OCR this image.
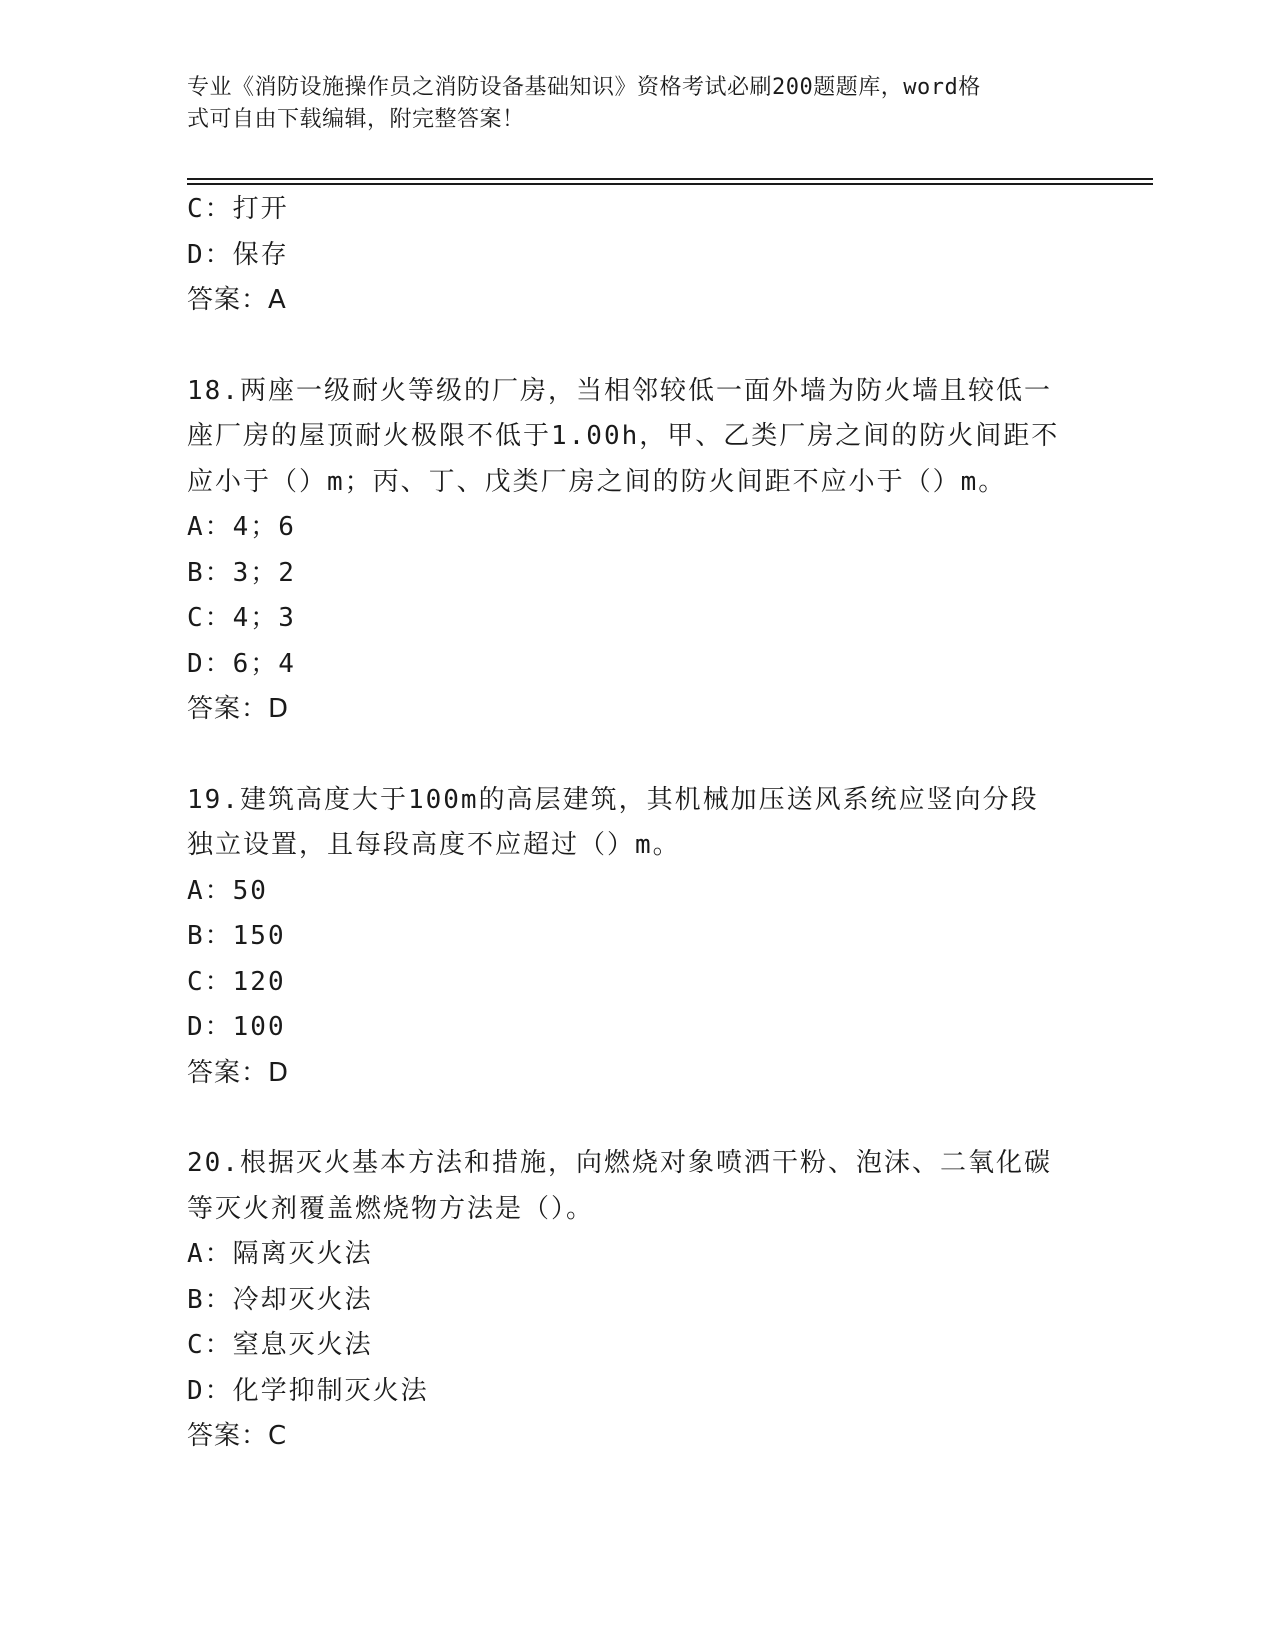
专业《消防设施操作员之消防设备基础知识》资格考试必刷200题题库，word格
式可自由下载编辑，附完整答案！
C：打开
D：保存
答案：A
18.两座一级耐火等级的厂房，当相邻较低一面外墙为防火墙且较低一
座厂房的屋顶耐火极限不低于1.00h，甲、乙类厂房之间的防火间距不
应小于（）m；丙、丁、戊类厂房之间的防火间距不应小于（）m。
A：4；6
B：3；2
C：4；3
D：6；4
答案：D
19.建筑高度大于100m的高层建筑，其机械加压送风系统应竖向分段
独立设置，且每段高度不应超过（）m。
A：50
B：150
C：120
D：100
答案：D
20.根据灭火基本方法和措施，向燃烧对象喷洒干粉、泡沫、二氧化碳
等灭火剂覆盖燃烧物方法是（）。
A：隔离灭火法
B：冷却灭火法
C：窒息灭火法
D：化学抑制灭火法
答案：C
